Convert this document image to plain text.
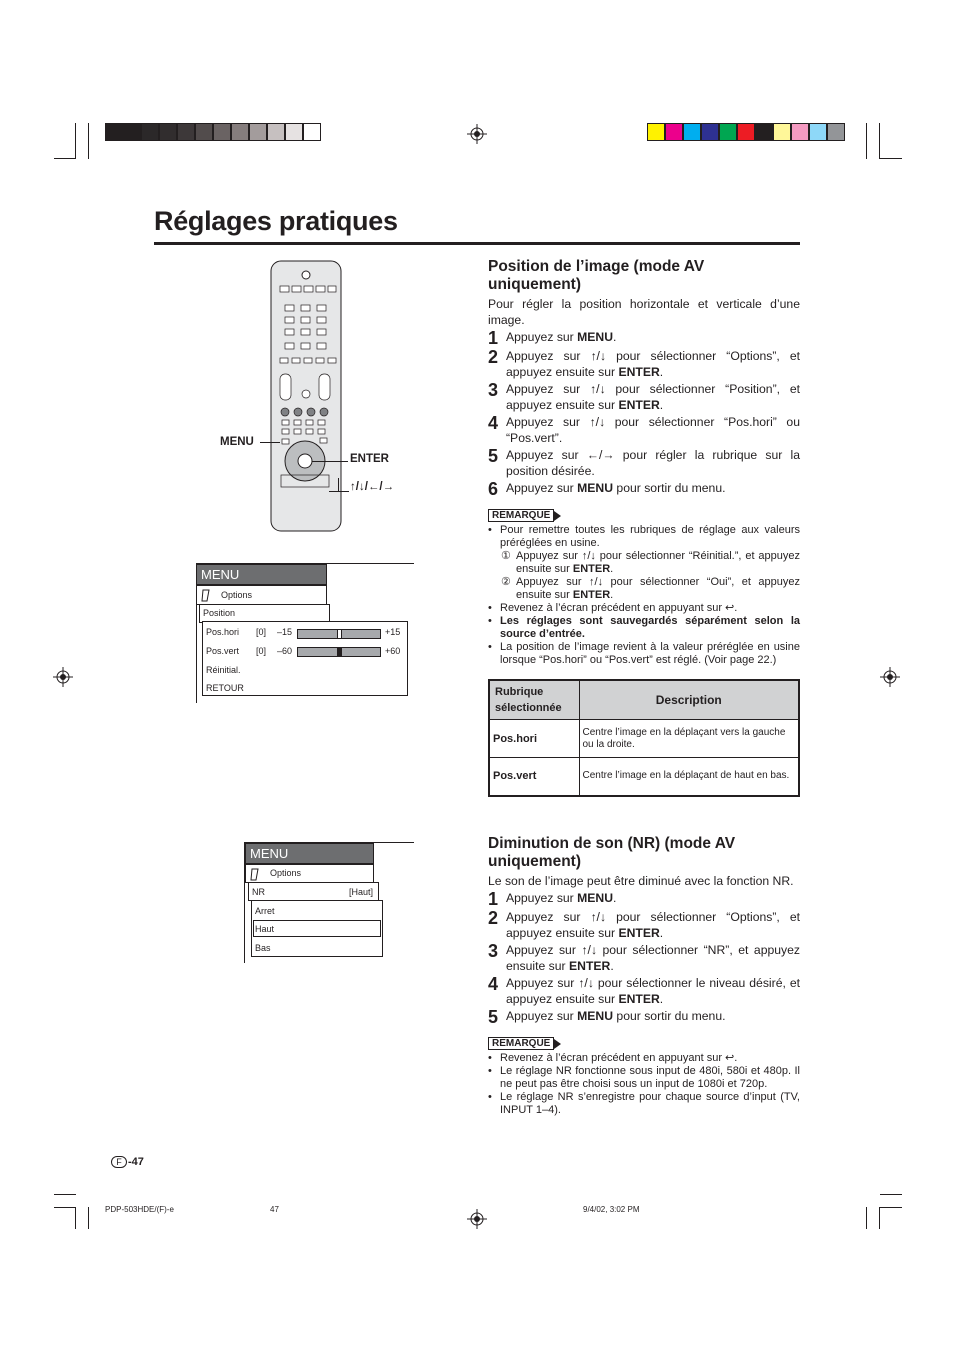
Réglages pratiques
MENU
ENTER
↑/↓/←/→
MENU
Options
Position
Pos.hori [0] –15	+15
Pos.vert [0] –60	+60
Réinitial.
RETOUR
MENU
Options
NR	[Haut]
Arret
Haut
Bas
Position de l’image (mode AV uniquement)
Pour régler la position horizontale et verticale d’une image.
1 Appuyez sur MENU.
2 Appuyez sur ↑/↓ pour sélectionner “Options”, et appuyez ensuite sur ENTER.
3 Appuyez sur ↑/↓ pour sélectionner “Position”, et appuyez ensuite sur ENTER.
4 Appuyez sur ↑/↓ pour sélectionner “Pos.hori” ou “Pos.vert”.
5 Appuyez sur ←/→ pour régler la rubrique sur la position désirée.
6 Appuyez sur MENU pour sortir du menu.
REMARQUE
• Pour remettre toutes les rubriques de réglage aux valeurs préréglées en usine.
① Appuyez sur ↑/↓ pour sélectionner “Réinitial.”, et appuyez ensuite sur ENTER.
② Appuyez sur ↑/↓ pour sélectionner “Oui”, et appuyez ensuite sur ENTER.
• Revenez à l’écran précédent en appuyant sur ↩.
• Les réglages sont sauvegardés séparément selon la source d’entrée.
• La position de l’image revient à la valeur préréglée en usine lorsque “Pos.hori” ou “Pos.vert” est réglé. (Voir page 22.)
Rubrique sélectionnée	Description
Pos.hori	Centre l’image en la déplaçant vers la gauche ou la droite.
Pos.vert	Centre l’image en la déplaçant de haut en bas.
Diminution de son (NR) (mode AV uniquement)
Le son de l’image peut être diminué avec la fonction NR.
1 Appuyez sur MENU.
2 Appuyez sur ↑/↓ pour sélectionner “Options”, et appuyez ensuite sur ENTER.
3 Appuyez sur ↑/↓ pour sélectionner “NR”, et appuyez ensuite sur ENTER.
4 Appuyez sur ↑/↓ pour sélectionner le niveau désiré, et appuyez ensuite sur ENTER.
5 Appuyez sur MENU pour sortir du menu.
REMARQUE
• Revenez à l’écran précédent en appuyant sur ↩.
• Le réglage NR fonctionne sous input de 480i, 580i et 480p. Il ne peut pas être choisi sous un input de 1080i et 720p.
• Le réglage NR s’enregistre pour chaque source d’input (TV, INPUT 1–4).
F -47
PDP-503HDE/(F)-e	47	9/4/02, 3:02 PM
